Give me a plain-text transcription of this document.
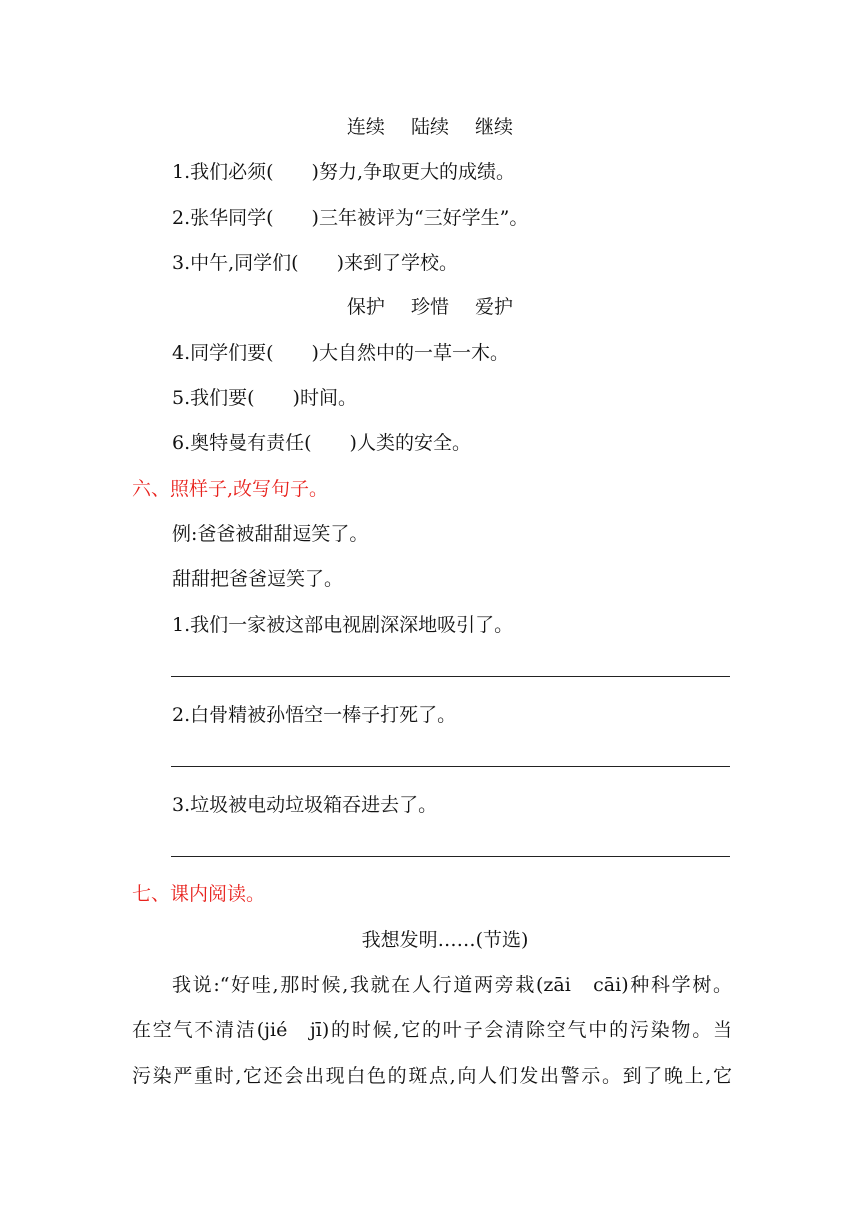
连续 陆续 继续
1.我们必须(　　)努力,争取更大的成绩。
2.张华同学(　　)三年被评为“三好学生”。
3.中午,同学们(　　)来到了学校。
保护 珍惜 爱护
4.同学们要(　　)大自然中的一草一木。
5.我们要(　　)时间。
6.奥特曼有责任(　　)人类的安全。
六、照样子,改写句子。
例:爸爸被甜甜逗笑了。
甜甜把爸爸逗笑了。
1.我们一家被这部电视剧深深地吸引了。
2.白骨精被孙悟空一棒子打死了。
3.垃圾被电动垃圾箱吞进去了。
七、课内阅读。
我想发明……(节选)
我说:“好哇,那时候,我就在人行道两旁栽(zāi　cāi)种科学树。
在空气不清洁(jié　jī)的时候,它的叶子会清除空气中的污染物。当
污染严重时,它还会出现白色的斑点,向人们发出警示。到了晚上,它
